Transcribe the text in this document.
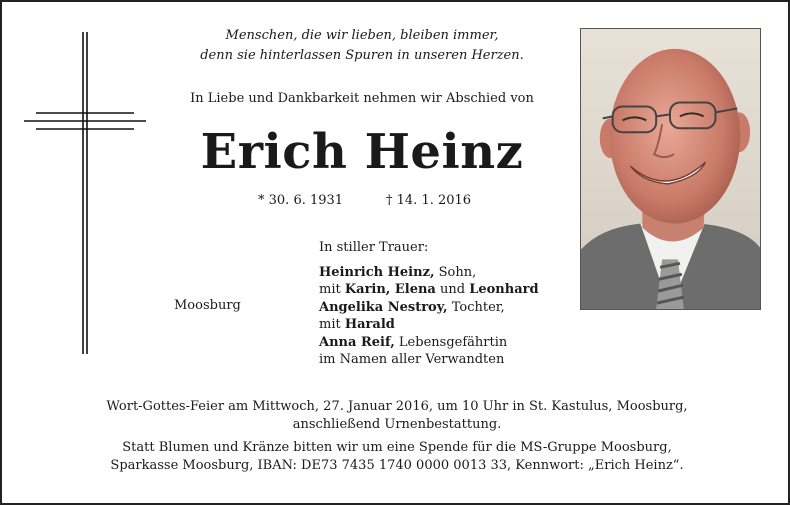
Menschen, die wir lieben, bleiben immer,
denn sie hinterlassen Spuren in unseren Herzen.
In Liebe und Dankbarkeit nehmen wir Abschied von
Erich Heinz
* 30. 6. 1931	† 14. 1. 2016
Moosburg
In stiller Trauer:
Heinrich Heinz, Sohn,
mit Karin, Elena und Leonhard
Angelika Nestroy, Tochter,
mit Harald
Anna Reif, Lebensgefährtin
im Namen aller Verwandten
Wort-Gottes-Feier am Mittwoch, 27. Januar 2016, um 10 Uhr in St. Kastulus, Moosburg,
anschließend Urnenbestattung.
Statt Blumen und Kränze bitten wir um eine Spende für die MS-Gruppe Moosburg,
Sparkasse Moosburg, IBAN: DE73 7435 1740 0000 0013 33, Kennwort: „Erich Heinz“.
